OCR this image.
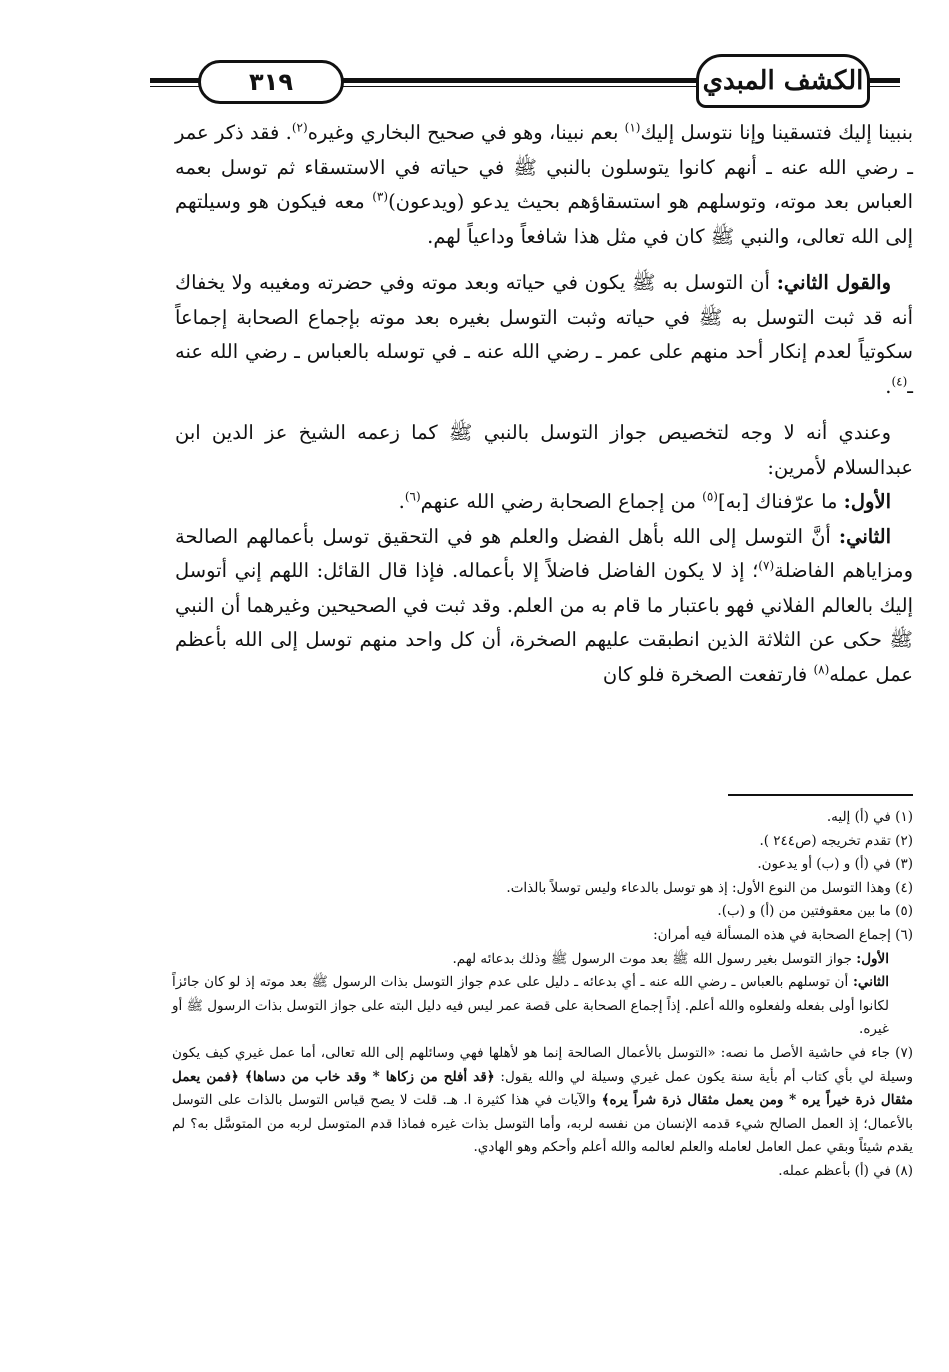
٣١٩	الكشف المبدي

بنبينا إليك فتسقينا وإنا نتوسل إليك$^{(١)}$ بعم نبينا، وهو في صحيح البخاري وغيره$^{(٢)}$. فقد ذكر عمر ـ رضي الله عنه ـ أنهم كانوا يتوسلون بالنبي ﷺ في حياته في الاستسقاء ثم توسل بعمه العباس بعد موته، وتوسلهم هو استسقاؤهم بحيث يدعو (ويدعون)$^{(٣)}$ معه فيكون هو وسيلتهم إلى الله تعالى، والنبي ﷺ كان في مثل هذا شافعاً وداعياً لهم.

والقول الثاني: أن التوسل به ﷺ يكون في حياته وبعد موته وفي حضرته ومغيبه ولا يخفاك أنه قد ثبت التوسل به ﷺ في حياته وثبت التوسل بغيره بعد موته بإجماع الصحابة إجماعاً سكوتياً لعدم إنكار أحد منهم على عمر ـ رضي الله عنه ـ في توسله بالعباس ـ رضي الله عنه ـ$^{(٤)}$.

وعندي أنه لا وجه لتخصيص جواز التوسل بالنبي ﷺ كما زعمه الشيخ عز الدين ابن عبدالسلام لأمرين:

الأول: ما عرّفناك [به]$^{(٥)}$ من إجماع الصحابة رضي الله عنهم$^{(٦)}$.

الثاني: أنَّ التوسل إلى الله بأهل الفضل والعلم هو في التحقيق توسل بأعمالهم الصالحة ومزاياهم الفاضلة$^{(٧)}$؛ إذ لا يكون الفاضل فاضلاً إلا بأعماله. فإذا قال القائل: اللهم إني أتوسل إليك بالعالم الفلاني فهو باعتبار ما قام به من العلم. وقد ثبت في الصحيحين وغيرهما أن النبي ﷺ حكى عن الثلاثة الذين انطبقت عليهم الصخرة، أن كل واحد منهم توسل إلى الله بأعظم عمل عمله$^{(٨)}$ فارتفعت الصخرة فلو كان

(١) في (أ) إليه.

(٢) تقدم تخريجه (ص٢٤٤ ).

(٣) في (أ) و (ب) أو يدعون.

(٤) وهذا التوسل من النوع الأول: إذ هو توسل بالدعاء وليس توسلاً بالذات.

(٥) ما بين معقوفتين من (أ) و (ب).

(٦) إجماع الصحابة في هذه المسألة فيه أمران:

الأول: جواز التوسل بغير رسول الله ﷺ بعد موت الرسول ﷺ وذلك بدعائه لهم.

الثاني: أن توسلهم بالعباس ـ رضي الله عنه ـ أي بدعائه ـ دليل على عدم جواز التوسل بذات الرسول ﷺ بعد موته إذ لو كان جائزاً لكانوا أولى بفعله ولفعلوه والله أعلم. إذاً إجماع الصحابة على قصة عمر ليس فيه دليل البته على جواز التوسل بذات الرسول ﷺ أو غيره.

(٧) جاء في حاشية الأصل ما نصه: «التوسل بالأعمال الصالحة إنما هو لأهلها فهي وسائلهم إلى الله تعالى، أما عمل غيري كيف يكون وسيلة لي بأي كتاب أم بأية سنة يكون عمل غيري وسيلة لي والله يقول: ﴿قد أفلح من زكاها * وقد خاب من دساها﴾ ﴿فمن يعمل مثقال ذرة خيراً يره * ومن يعمل مثقال ذرة شراً يره﴾ والآيات في هذا كثيرة ا. هـ. قلت لا يصح قياس التوسل بالذات على التوسل بالأعمال؛ إذ العمل الصالح شيء قدمه الإنسان من نفسه لربه، وأما التوسل بذات غيره فماذا قدم المتوسل لربه من المتوسَّل به؟ لم يقدم شيئاً وبقي عمل العامل لعامله والعلم لعالمه والله أعلم وأحكم وهو الهادي.

(٨) في (أ) بأعظم عمله.
